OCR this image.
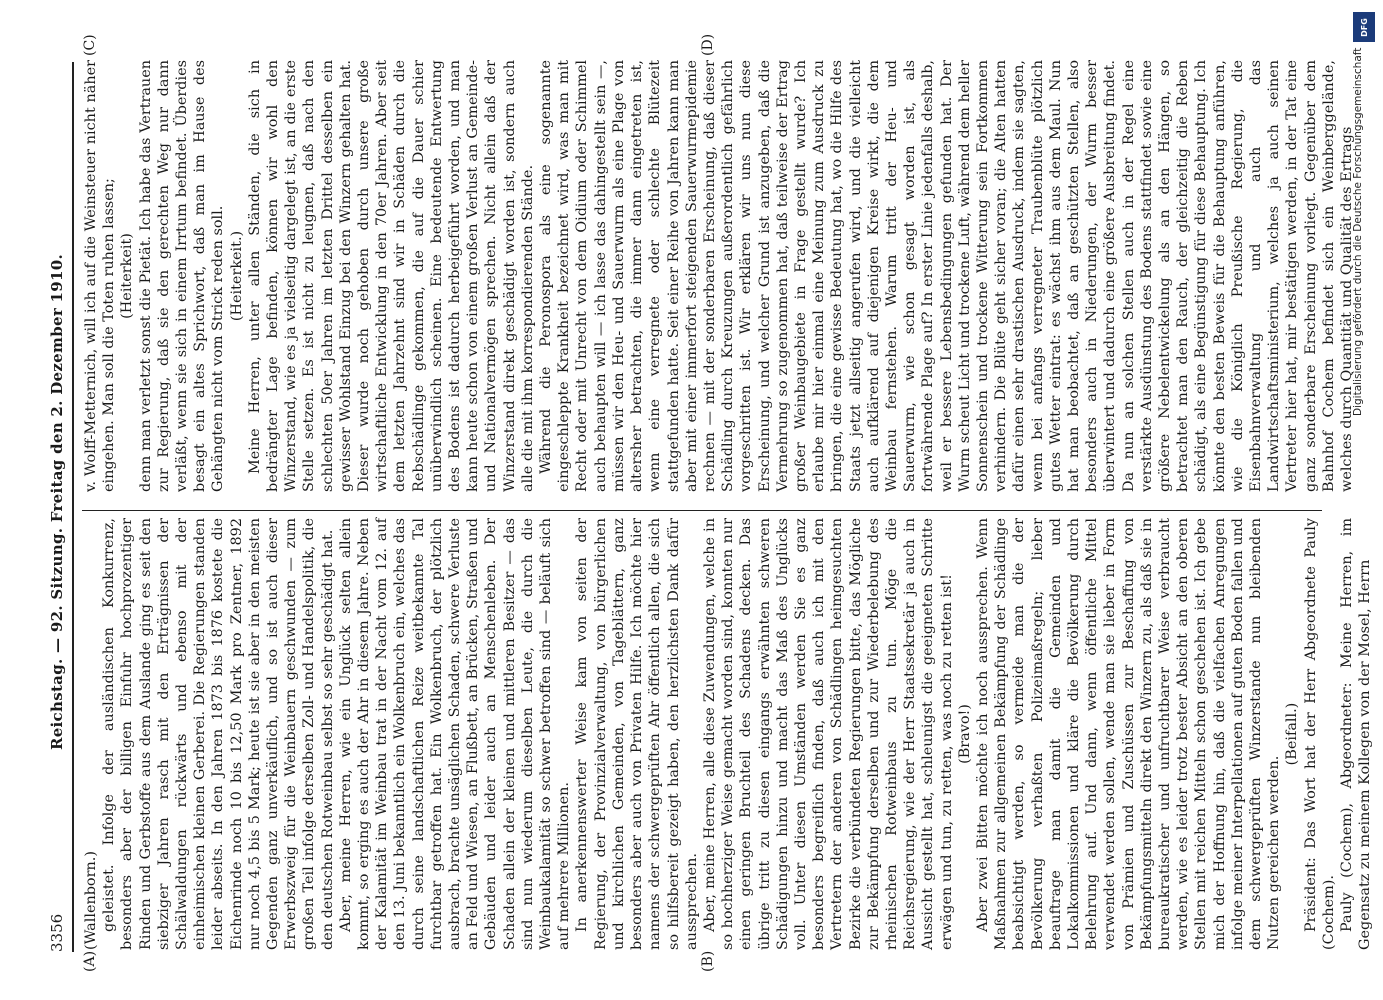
3356
Reichstag. — 92. Sitzung. Freitag den 2. Dezember 1910.

(Wallenborn.) geleistet. Infolge der ausländischen Konkurrenz, besonders aber der billigen Einfuhr hochprozentiger Rinden und Gerbstoffe aus dem Auslande ging es seit den siebziger Jahren rasch mit den Erträgnissen der Schälwaldungen rückwärts und ebenso mit der einheimischen kleinen Gerberei. Die Regierungen standen leider abseits. In den Jahren 1873 bis 1876 kostete die Eichenrinde noch 10 bis 12,50 Mark pro Zentner, 1892 nur noch 4,5 bis 5 Mark; heute ist sie aber in den meisten Gegenden ganz unverkäuflich, und so ist auch dieser Erwerbszweig für die Weinbauern geschwunden — zum großen Teil infolge derselben Zoll- und Handelspolitik, die den deutschen Rotweinbau selbst so sehr geschädigt hat. Aber, meine Herren, wie ein Unglück selten allein kommt, so erging es auch der Ahr in diesem Jahre. Neben der Kalamität im Weinbau trat in der Nacht vom 12. auf den 13. Juni bekanntlich ein Wolkenbruch ein, welches das durch seine landschaftlichen Reize weitbekannte Tal furchtbar getroffen hat. Ein Wolkenbruch, der plötzlich ausbrach, brachte unsäglichen Schaden, schwere Verluste an Feld und Wiesen, an Flußbett, an Brücken, Straßen und Gebäuden und leider auch an Menschenleben. Der Schaden allein der kleinen und mittleren Besitzer — das sind nun wiederum dieselben Leute, die durch die Weinbaukalamität so schwer betroffen sind — beläuft sich auf mehrere Millionen. In anerkennenswerter Weise kam von seiten der Regierung, der Provinzialverwaltung, von bürgerlichen und kirchlichen Gemeinden, von Tageblättern, ganz besonders aber auch von Privaten Hilfe. Ich möchte hier namens der schwergeprüften Ahr öffentlich allen, die sich so hilfsbereit gezeigt haben, den herzlichsten Dank dafür aussprechen. Aber, meine Herren, alle diese Zuwendungen, welche in so hochherziger Weise gemacht worden sind, konnten nur einen geringen Bruchteil des Schadens decken. Das übrige tritt zu diesen eingangs erwähnten schweren Schädigungen hinzu und macht das Maß des Unglücks voll. Unter diesen Umständen werden Sie es ganz besonders begreiflich finden, daß auch ich mit den Vertretern der anderen von Schädlingen heimgesuchten Bezirke die verbündeten Regierungen bitte, das Mögliche zur Bekämpfung derselben und zur Wiederbelebung des rheinischen Rotweinbaus zu tun. Möge die Reichsregierung, wie der Herr Staatssekretär ja auch in Aussicht gestellt hat, schleunigst die geeigneten Schritte erwägen und tun, zu retten, was noch zu retten ist! (Bravo!) Aber zwei Bitten möchte ich noch aussprechen. Wenn Maßnahmen zur allgemeinen Bekämpfung der Schädlinge beabsichtigt werden, so vermeide man die der Bevölkerung verhaßten Polizeimaßregeln; lieber beauftrage man damit die Gemeinden und Lokalkommissionen und kläre die Bevölkerung durch Belehrung auf. Und dann, wenn öffentliche Mittel verwendet werden sollen, wende man sie lieber in Form von Prämien und Zuschüssen zur Beschaffung von Bekämpfungsmitteln direkt den Winzern zu, als daß sie in bureaukratischer und unfruchtbarer Weise verbraucht werden, wie es leider trotz bester Absicht an den oberen Stellen mit reichen Mitteln schon geschehen ist. Ich gebe mich der Hoffnung hin, daß die vielfachen Anregungen infolge meiner Interpellationen auf guten Boden fallen und dem schwergeprüften Winzerstande nun bleibenden Nutzen gereichen werden.

(Beifall.) Präsident: Das Wort hat der Herr Abgeordnete Pauly (Cochem). Pauly (Cochem), Abgeordneter: Meine Herren, im Gegensatz zu meinem Kollegen von der Mosel, Herrn

v. Wolff-Metternich, will ich auf die Weinsteuer nicht näher eingehen. Man soll die Toten ruhen lassen; (Heiterkeit) denn man verletzt sonst die Pietät. Ich habe das Vertrauen zur Regierung, daß sie den gerechten Weg nur dann verläßt, wenn sie sich in einem Irrtum befindet. Überdies besagt ein altes Sprichwort, daß man im Hause des Gehängten nicht vom Strick reden soll. (Heiterkeit.) Meine Herren, unter allen Ständen, die sich in bedrängter Lage befinden, können wir wohl den Winzerstand, wie es ja vielseitig dargelegt ist, an die erste Stelle setzen. Es ist nicht zu leugnen, daß nach den schlechten 50er Jahren im letzten Drittel desselben ein gewisser Wohlstand Einzug bei den Winzern gehalten hat. Dieser wurde noch gehoben durch unsere große wirtschaftliche Entwicklung in den 70er Jahren. Aber seit dem letzten Jahrzehnt sind wir in Schäden durch die Rebschädlinge gekommen, die auf die Dauer schier unüberwindlich scheinen. Eine bedeutende Entwertung des Bodens ist dadurch herbeigeführt worden, und man kann heute schon von einem großen Verlust an Gemeinde- und Nationalvermögen sprechen. Nicht allein daß der Winzerstand direkt geschädigt worden ist, sondern auch alle die mit ihm korrespondierenden Stände. Während die Peronospora als eine sogenannte eingeschleppte Krankheit bezeichnet wird, was man mit Recht oder mit Unrecht von dem Oidium oder Schimmel auch behaupten will — ich lasse das dahingestellt sein —, müssen wir den Heu- und Sauerwurm als eine Plage von altersher betrachten, die immer dann eingetreten ist, wenn eine verregnete oder schlechte Blütezeit stattgefunden hatte. Seit einer Reihe von Jahren kann man aber mit einer immerfort steigenden Sauerwurmepidemie rechnen — mit der sonderbaren Erscheinung, daß dieser Schädling durch Kreuzungen außerordentlich gefährlich vorgeschritten ist. Wir erklären wir uns nun diese Erscheinung, und welcher Grund ist anzugeben, daß die Vermehrung so zugenommen hat, daß teilweise der Ertrag großer Weinbaugebiete in Frage gestellt wurde? Ich erlaube mir hier einmal eine Meinung zum Ausdruck zu bringen, die eine gewisse Bedeutung hat, wo die Hilfe des Staats jetzt allseitig angerufen wird, und die vielleicht auch aufklärend auf diejenigen Kreise wirkt, die dem Weinbau fernstehen. Warum tritt der Heu- und Sauerwurm, wie schon gesagt worden ist, als fortwährende Plage auf? In erster Linie jedenfalls deshalb, weil er bessere Lebensbedingungen gefunden hat. Der Wurm scheut Licht und trockene Luft, während dem heller Sonnenschein und trockene Witterung sein Fortkommen verhindern. Die Blüte geht sicher voran; die Alten hatten dafür einen sehr drastischen Ausdruck, indem sie sagten, wenn bei anfangs verregneter Traubenblüte plötzlich gutes Wetter eintrat: es wächst ihm aus dem Maul. Nun hat man beobachtet, daß an geschützten Stellen, also besonders auch in Niederungen, der Wurm besser überwintert und dadurch eine größere Ausbreitung findet. Da nun an solchen Stellen auch in der Regel eine verstärkte Ausdünstung des Bodens stattfindet sowie eine größere Nebelentwickelung als an den Hängen, so betrachtet man den Rauch, der gleichzeitig die Reben schädigt, als eine Begünstigung für diese Behauptung. Ich könnte den besten Beweis für die Behauptung anführen, wie die Königlich Preußische Regierung, die Eisenbahnverwaltung und auch das Landwirtschaftsministerium, welches ja auch seinen Vertreter hier hat, mir bestätigen werden, in der Tat eine ganz sonderbare Erscheinung vorliegt. Gegenüber dem Bahnhof Cochem befindet sich ein Weinberggelände, welches durch Quantität und Qualität des Ertrags

(A)	(B)
(C)	(D)
DFG
Digitalisierung gefördert durch die Deutsche Forschungsgemeinschaft
